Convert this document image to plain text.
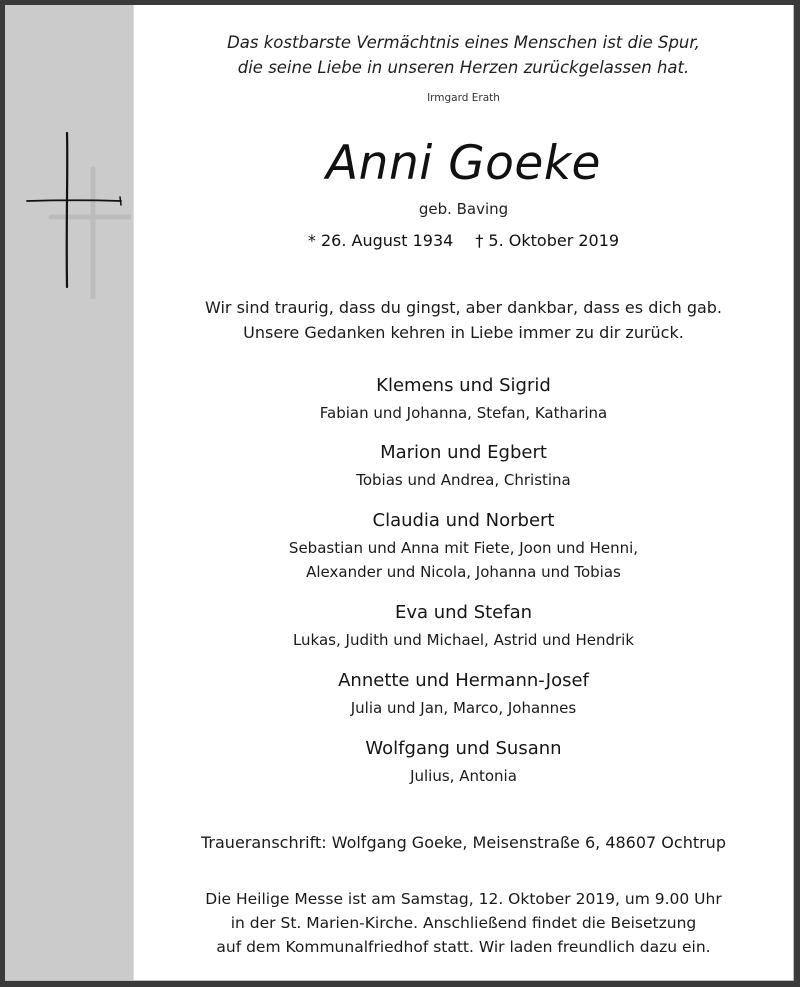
Das kostbarste Vermächtnis eines Menschen ist die Spur,
die seine Liebe in unseren Herzen zurückgelassen hat.
Irmgard Erath
Anni Goeke
geb. Baving
* 26. August 1934 † 5. Oktober 2019
Wir sind traurig, dass du gingst, aber dankbar, dass es dich gab.
Unsere Gedanken kehren in Liebe immer zu dir zurück.
Klemens und Sigrid
Fabian und Johanna, Stefan, Katharina
Marion und Egbert
Tobias und Andrea, Christina
Claudia und Norbert
Sebastian und Anna mit Fiete, Joon und Henni,
Alexander und Nicola, Johanna und Tobias
Eva und Stefan
Lukas, Judith und Michael, Astrid und Hendrik
Annette und Hermann-Josef
Julia und Jan, Marco, Johannes
Wolfgang und Susann
Julius, Antonia
Traueranschrift: Wolfgang Goeke, Meisenstraße 6, 48607 Ochtrup
Die Heilige Messe ist am Samstag, 12. Oktober 2019, um 9.00 Uhr
in der St. Marien-Kirche. Anschließend findet die Beisetzung
auf dem Kommunalfriedhof statt. Wir laden freundlich dazu ein.
